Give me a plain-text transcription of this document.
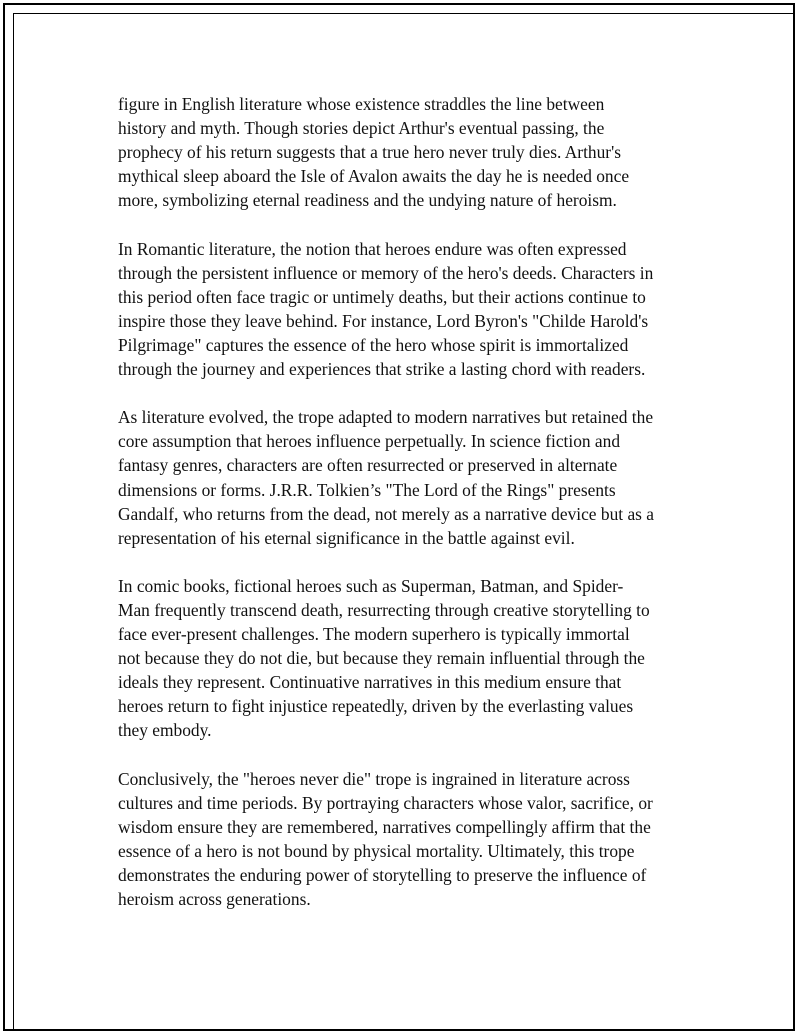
figure in English literature whose existence straddles the line between
history and myth. Though stories depict Arthur's eventual passing, the
prophecy of his return suggests that a true hero never truly dies. Arthur's
mythical sleep aboard the Isle of Avalon awaits the day he is needed once
more, symbolizing eternal readiness and the undying nature of heroism.

In Romantic literature, the notion that heroes endure was often expressed
through the persistent influence or memory of the hero's deeds. Characters in
this period often face tragic or untimely deaths, but their actions continue to
inspire those they leave behind. For instance, Lord Byron's "Childe Harold's
Pilgrimage" captures the essence of the hero whose spirit is immortalized
through the journey and experiences that strike a lasting chord with readers.

As literature evolved, the trope adapted to modern narratives but retained the
core assumption that heroes influence perpetually. In science fiction and
fantasy genres, characters are often resurrected or preserved in alternate
dimensions or forms. J.R.R. Tolkien’s "The Lord of the Rings" presents
Gandalf, who returns from the dead, not merely as a narrative device but as a
representation of his eternal significance in the battle against evil.

In comic books, fictional heroes such as Superman, Batman, and Spider-
Man frequently transcend death, resurrecting through creative storytelling to
face ever-present challenges. The modern superhero is typically immortal
not because they do not die, but because they remain influential through the
ideals they represent. Continuative narratives in this medium ensure that
heroes return to fight injustice repeatedly, driven by the everlasting values
they embody.

Conclusively, the "heroes never die" trope is ingrained in literature across
cultures and time periods. By portraying characters whose valor, sacrifice, or
wisdom ensure they are remembered, narratives compellingly affirm that the
essence of a hero is not bound by physical mortality. Ultimately, this trope
demonstrates the enduring power of storytelling to preserve the influence of
heroism across generations.
